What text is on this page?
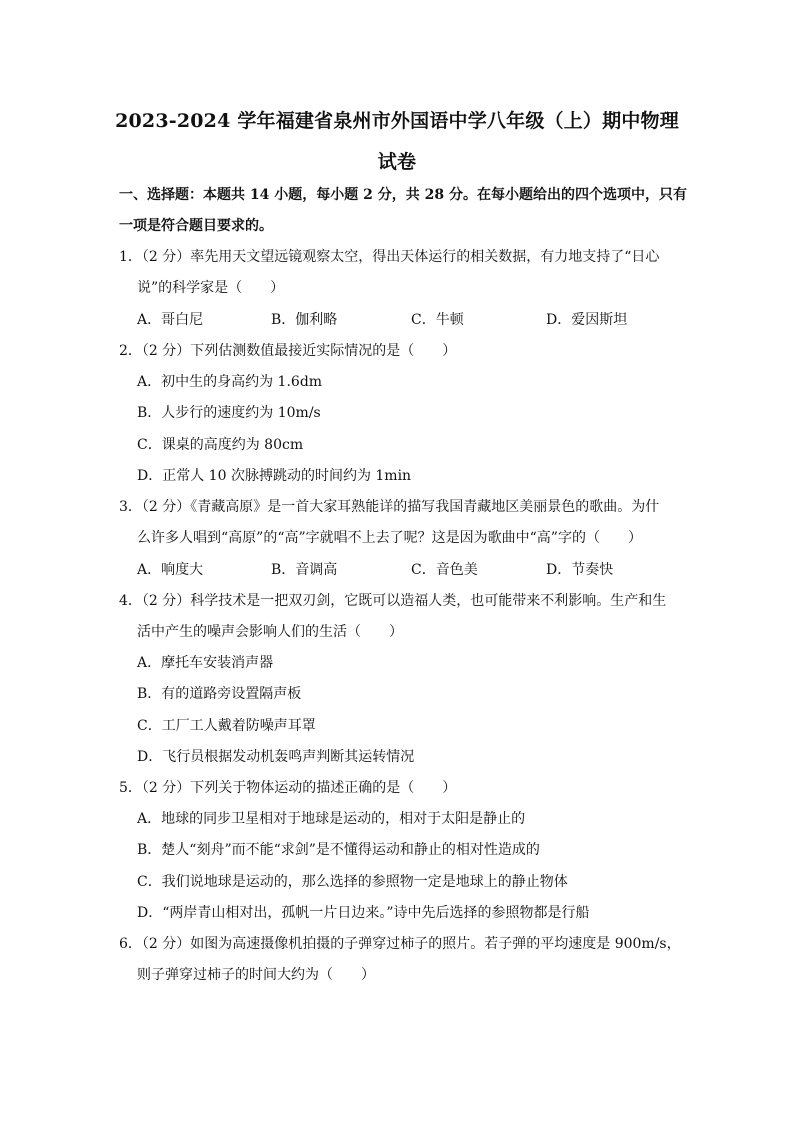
2023-2024 学年福建省泉州市外国语中学八年级（上）期中物理
试卷
一、选择题：本题共 14 小题，每小题 2 分，共 28 分。在每小题给出的四个选项中，只有
一项是符合题目要求的。
1．（2 分）率先用天文望远镜观察太空，得出天体运行的相关数据，有力地支持了“日心
说”的科学家是（　　）
A．哥白尼	B．伽利略	C．牛顿	D．爱因斯坦
2．（2 分）下列估测数值最接近实际情况的是（　　）
A．初中生的身高约为 1.6dm
B．人步行的速度约为 10m/s
C．课桌的高度约为 80cm
D．正常人 10 次脉搏跳动的时间约为 1min
3．（2 分）《青藏高原》是一首大家耳熟能详的描写我国青藏地区美丽景色的歌曲。为什
么许多人唱到“高原”的“高”字就唱不上去了呢？这是因为歌曲中“高”字的（　　）
A．响度大	B．音调高	C．音色美	D．节奏快
4．（2 分）科学技术是一把双刃剑，它既可以造福人类，也可能带来不利影响。生产和生
活中产生的噪声会影响人们的生活（　　）
A．摩托车安装消声器
B．有的道路旁设置隔声板
C．工厂工人戴着防噪声耳罩
D．飞行员根据发动机轰鸣声判断其运转情况
5．（2 分）下列关于物体运动的描述正确的是（　　）
A．地球的同步卫星相对于地球是运动的，相对于太阳是静止的
B．楚人“刻舟”而不能“求剑”是不懂得运动和静止的相对性造成的
C．我们说地球是运动的，那么选择的参照物一定是地球上的静止物体
D．“两岸青山相对出，孤帆一片日边来。”诗中先后选择的参照物都是行船
6．（2 分）如图为高速摄像机拍摄的子弹穿过柿子的照片。若子弹的平均速度是 900m/s，
则子弹穿过柿子的时间大约为（　　）
